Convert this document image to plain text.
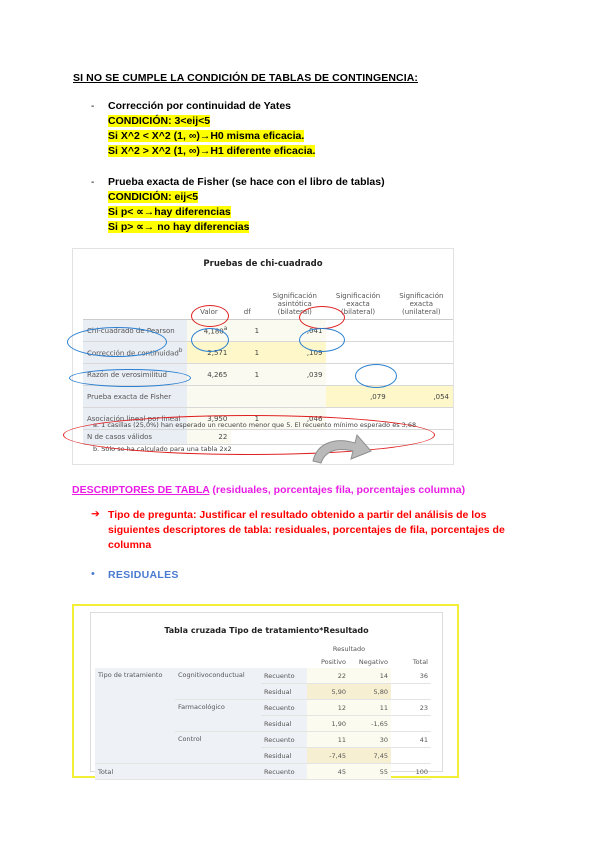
SI NO SE CUMPLE LA CONDICIÓN DE TABLAS DE CONTINGENCIA:
- Corrección por continuidad de Yates
CONDICIÓN: 3<eij<5
Si X^2 < X^2 (1, ∞)→H0 misma eficacia.
Si X^2 > X^2 (1, ∞)→H1 diferente eficacia.
- Prueba exacta de Fisher (se hace con el libro de tablas)
CONDICIÓN: eij<5
Si p< ∝→hay diferencias
Si p> ∝→ no hay diferencias
Pruebas de chi-cuadrado
	Valor	df	Significación asintótica (bilateral)	Significación exacta (bilateral)	Significación exacta (unilateral)
Chi-cuadrado de Pearson	4,180$^a$	1	,041		
Corrección de continuidad$^b$	2,571	1	,109		
Razón de verosimilitud	4,265	1	,039		
Prueba exacta de Fisher				,079	,054
Asociación lineal por lineal	3,950	1	,046		
N de casos válidos	22				
a. 1 casillas (25,0%) han esperado un recuento menor que 5. El recuento mínimo esperado es 3,68.
b. Sólo se ha calculado para una tabla 2x2
DESCRIPTORES DE TABLA (residuales, porcentajes fila, porcentajes columna)
➔ Tipo de pregunta: Justificar el resultado obtenido a partir del análisis de los siguientes descriptores de tabla: residuales, porcentajes de fila, porcentajes de columna
• RESIDUALES
Tabla cruzada Tipo de tratamiento*Resultado
			Resultado		
			Positivo	Negativo	Total
Tipo de tratamiento	Cognitivoconductual	Recuento	22	14	36
		Residual	5,90	5,80	
	Farmacológico	Recuento	12	11	23
		Residual	1,90	-1,65	
	Control	Recuento	11	30	41
		Residual	-7,45	7,45	
Total		Recuento	45	55	100
